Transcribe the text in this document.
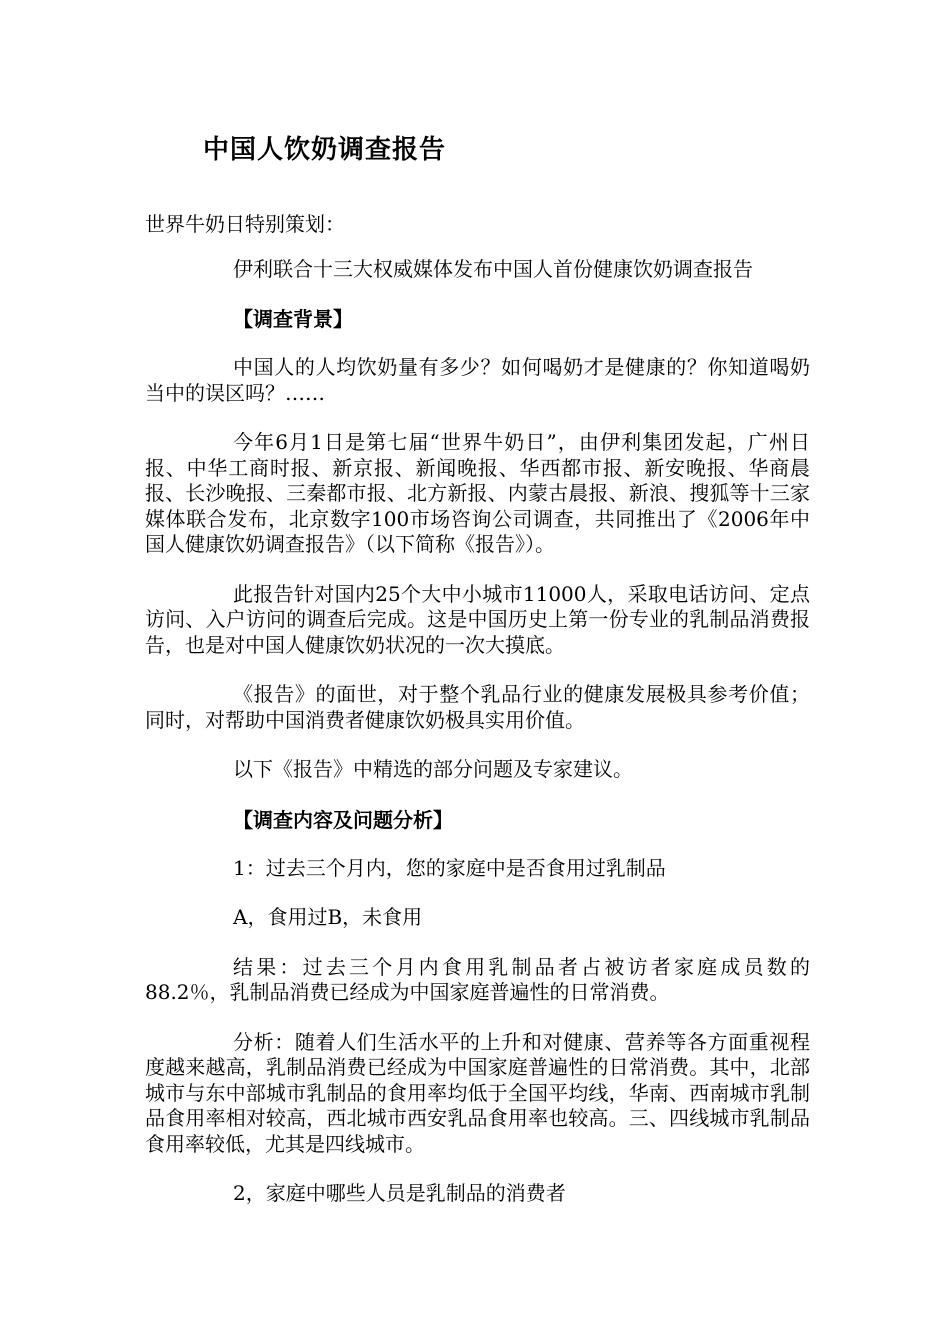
中国人饮奶调查报告

世界牛奶日特别策划：

伊利联合十三大权威媒体发布中国人首份健康饮奶调查报告

【调查背景】

中国人的人均饮奶量有多少？如何喝奶才是健康的？你知道喝奶当中的误区吗？……

今年6月1日是第七届“世界牛奶日”，由伊利集团发起，广州日报、中华工商时报、新京报、新闻晚报、华西都市报、新安晚报、华商晨报、长沙晚报、三秦都市报、北方新报、内蒙古晨报、新浪、搜狐等十三家媒体联合发布，北京数字100市场咨询公司调查，共同推出了《2006年中国人健康饮奶调查报告》（以下简称《报告》）。

此报告针对国内25个大中小城市11000人，采取电话访问、定点访问、入户访问的调查后完成。这是中国历史上第一份专业的乳制品消费报告，也是对中国人健康饮奶状况的一次大摸底。

《报告》的面世，对于整个乳品行业的健康发展极具参考价值；同时，对帮助中国消费者健康饮奶极具实用价值。

以下《报告》中精选的部分问题及专家建议。

【调查内容及问题分析】

1：过去三个月内，您的家庭中是否食用过乳制品

A，食用过B，未食用

结果：过去三个月内食用乳制品者占被访者家庭成员数的88.2％，乳制品消费已经成为中国家庭普遍性的日常消费。

分析：随着人们生活水平的上升和对健康、营养等各方面重视程度越来越高，乳制品消费已经成为中国家庭普遍性的日常消费。其中，北部城市与东中部城市乳制品的食用率均低于全国平均线，华南、西南城市乳制品食用率相对较高，西北城市西安乳品食用率也较高。三、四线城市乳制品食用率较低，尤其是四线城市。

2，家庭中哪些人员是乳制品的消费者
